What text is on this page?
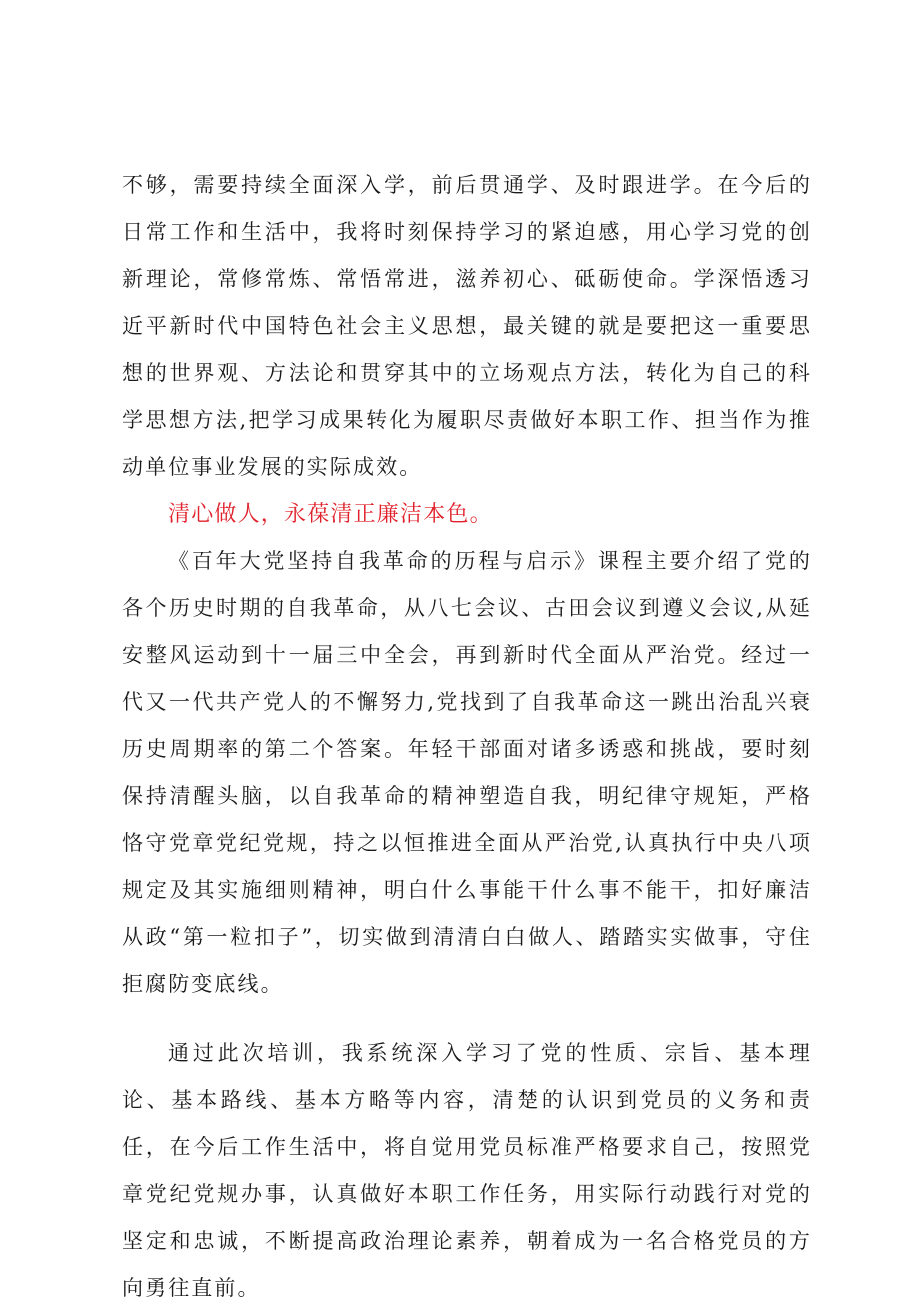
不够，需要持续全面深入学，前后贯通学、及时跟进学。在今后的日常工作和生活中，我将时刻保持学习的紧迫感，用心学习党的创新理论，常修常炼、常悟常进，滋养初心、砥砺使命。学深悟透习近平新时代中国特色社会主义思想，最关键的就是要把这一重要思想的世界观、方法论和贯穿其中的立场观点方法，转化为自己的科学思想方法,把学习成果转化为履职尽责做好本职工作、担当作为推动单位事业发展的实际成效。

清心做人，永葆清正廉洁本色。

《百年大党坚持自我革命的历程与启示》课程主要介绍了党的各个历史时期的自我革命，从八七会议、古田会议到遵义会议,从延安整风运动到十一届三中全会，再到新时代全面从严治党。经过一代又一代共产党人的不懈努力,党找到了自我革命这一跳出治乱兴衰历史周期率的第二个答案。年轻干部面对诸多诱惑和挑战，要时刻保持清醒头脑，以自我革命的精神塑造自我，明纪律守规矩，严格恪守党章党纪党规，持之以恒推进全面从严治党,认真执行中央八项规定及其实施细则精神，明白什么事能干什么事不能干，扣好廉洁从政“第一粒扣子”，切实做到清清白白做人、踏踏实实做事，守住拒腐防变底线。

通过此次培训，我系统深入学习了党的性质、宗旨、基本理论、基本路线、基本方略等内容，清楚的认识到党员的义务和责任，在今后工作生活中，将自觉用党员标准严格要求自己，按照党章党纪党规办事，认真做好本职工作任务，用实际行动践行对党的坚定和忠诚，不断提高政治理论素养，朝着成为一名合格党员的方向勇往直前。
